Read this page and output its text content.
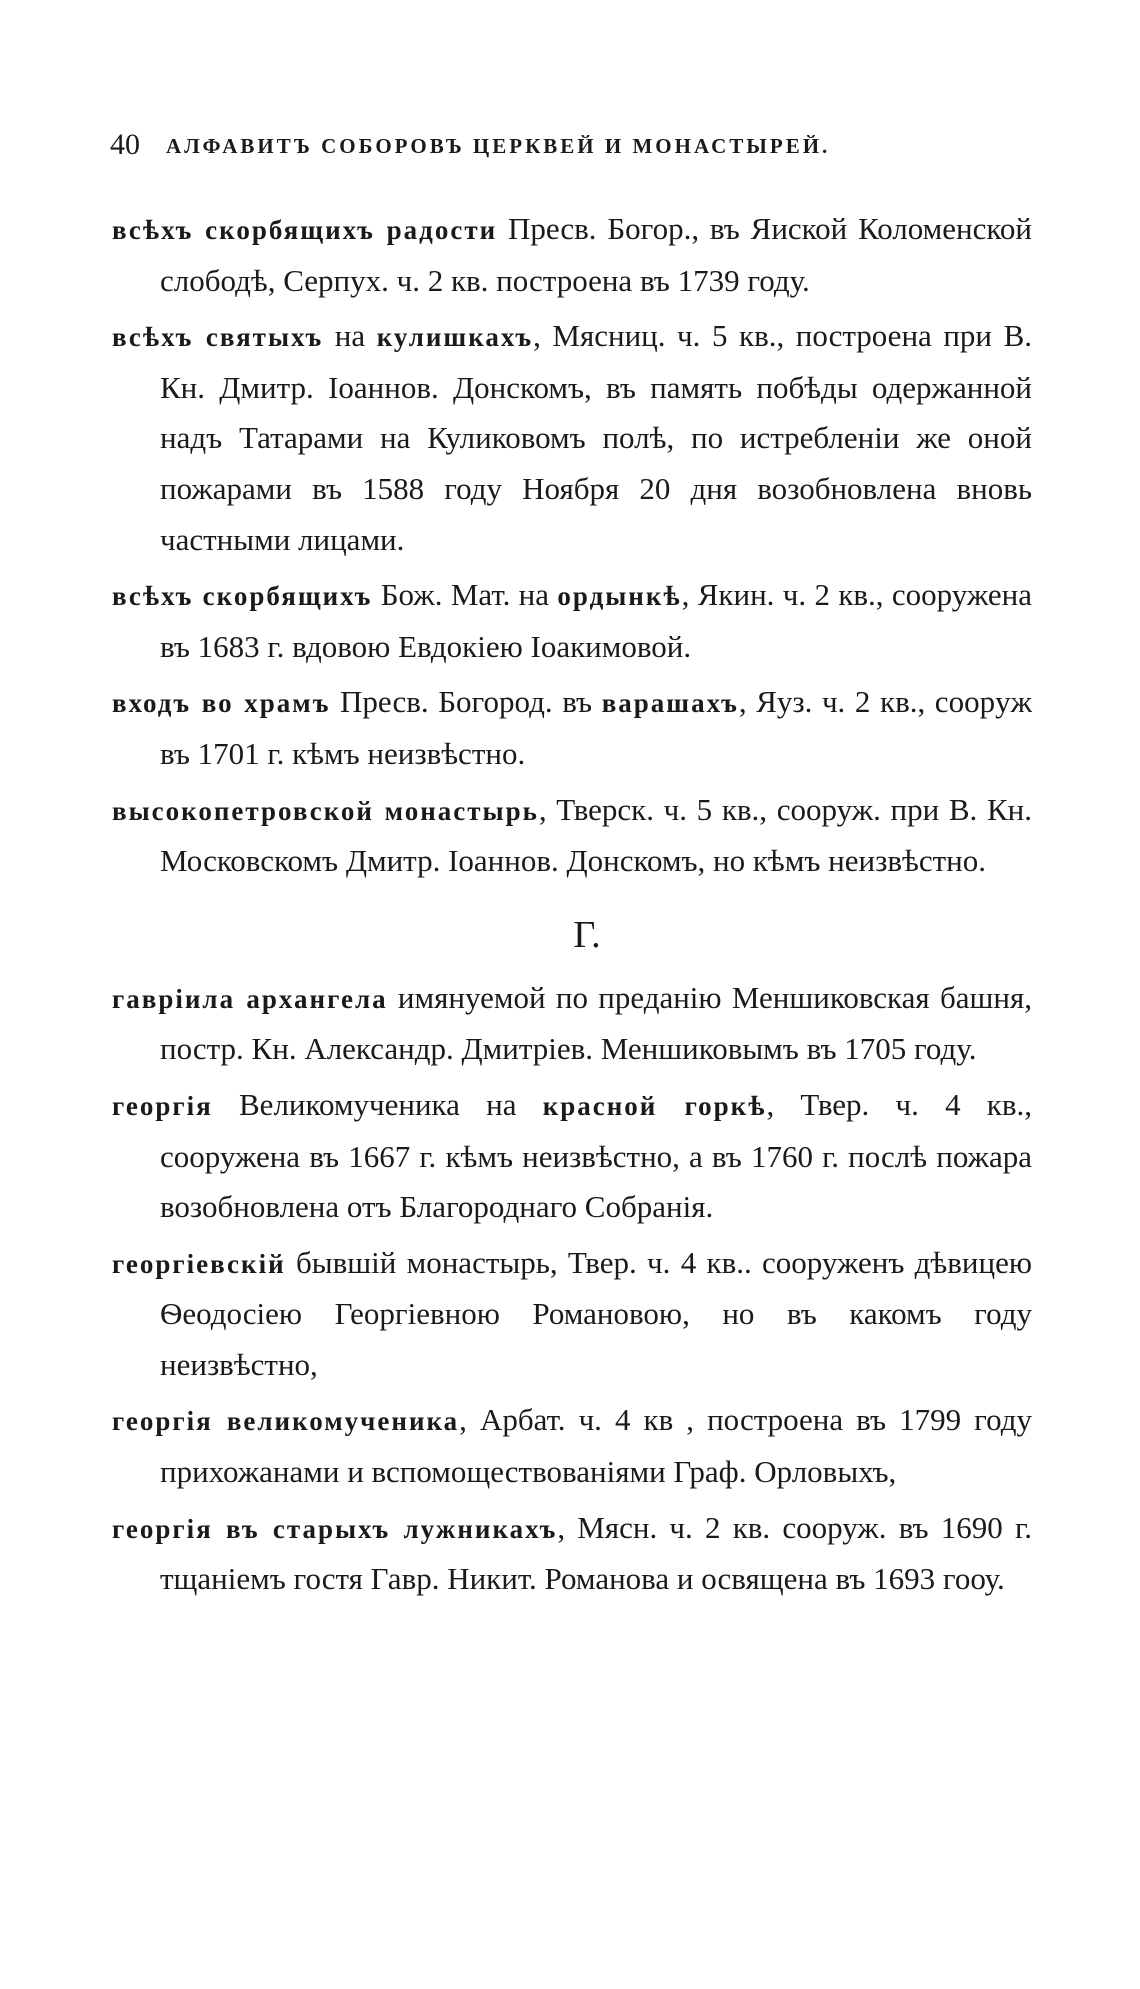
40 АЛФАВИТЪ СОБОРОВЪ ЦЕРКВЕЙ И МОНАСТЫРЕЙ.

всѣхъ скорбящихъ радости Пресв. Богор., въ Яиской Коломенской слободѣ, Серпух. ч. 2 кв. построена въ 1739 году.

всѣхъ святыхъ на кулишкахъ, Мясниц. ч. 5 кв., построена при В. Кн. Дмитр. Іоаннов. Донскомъ, въ память побѣды одержанной надъ Татарами на Куликовомъ полѣ, по истребленіи же оной пожарами въ 1588 году Ноября 20 дня возобновлена вновь частными лицами.

всѣхъ скорбящихъ Бож. Мат. на ордынкѣ, Якин. ч. 2 кв., сооружена въ 1683 г. вдовою Евдокіею Іоакимовой.

входъ во храмъ Пресв. Богород. въ варашахъ, Яуз. ч. 2 кв., соорyж въ 1701 г. кѣмъ неизвѣстно.

высокопетровской монастырь, Тверск. ч. 5 кв., сооруж. при В. Кн. Московскомъ Дмитр. Іоаннов. Донскомъ, но кѣмъ неизвѣстно.

Г.

гавріила архангела имянуемой по преданію Меншиковская башня, постр. Кн. Александр. Дмитріев. Меншиковымъ въ 1705 году.

георгія Великомученика на красной горкѣ, Твер. ч. 4 кв., сооружена въ 1667 г. кѣмъ неизвѣстно, а въ 1760 г. послѣ пожара возобновлена отъ Благороднаго Собранія.

георгіевскій бывшій монастырь, Твер. ч. 4 кв.. сооруженъ дѣвицею Ѳеодосіею Георгіевною Романовою, но въ какомъ году неизвѣстно,

георгія великомученика, Арбат. ч. 4 кв , построена въ 1799 году прихожанами и вспомоществованіями Граф. Орловыхъ,

георгія въ старыхъ лужникахъ, Мясн. ч. 2 кв. сооруж. въ 1690 г. тщаніемъ гостя Гавр. Никит. Романова и освящена въ 1693 гооу.
